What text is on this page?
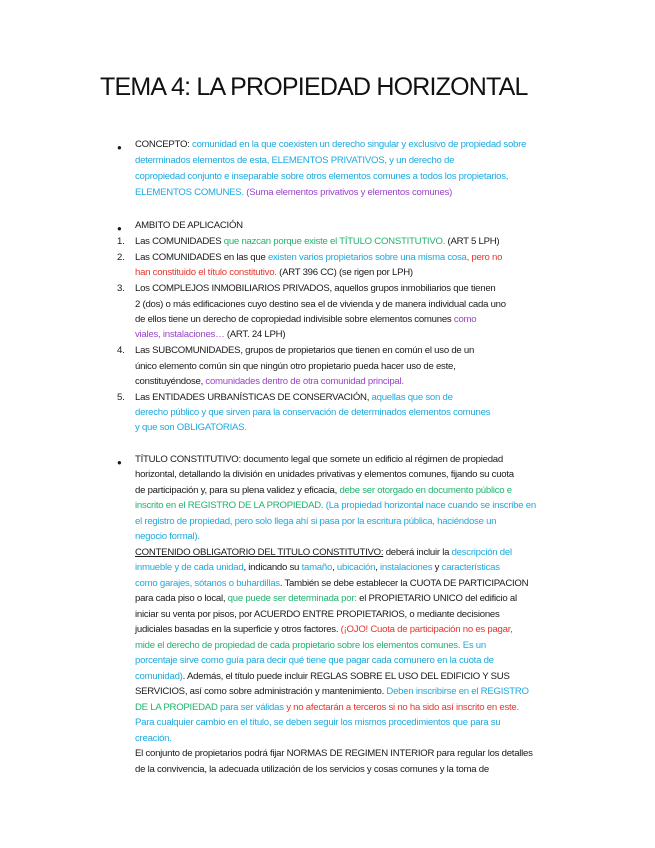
TEMA 4: LA PROPIEDAD HORIZONTAL
● CONCEPTO: comunidad en la que coexisten un derecho singular y exclusivo de propiedad sobre
determinados elementos de esta, ELEMENTOS PRIVATIVOS, y un derecho de
copropiedad conjunto e inseparable sobre otros elementos comunes a todos los propietarios,
ELEMENTOS COMUNES. (Suma elementos privativos y elementos comunes)
● AMBITO DE APLICACIÓN
1. Las COMUNIDADES que nazcan porque existe el TÍTULO CONSTITUTIVO. (ART 5 LPH)
2. Las COMUNIDADES en las que existen varios propietarios sobre una misma cosa, pero no
han constituido el título constitutivo. (ART 396 CC) (se rigen por LPH)
3. Los COMPLEJOS INMOBILIARIOS PRIVADOS, aquellos grupos inmobiliarios que tienen
2 (dos) o más edificaciones cuyo destino sea el de vivienda y de manera individual cada uno
de ellos tiene un derecho de copropiedad indivisible sobre elementos comunes como
viales, instalaciones… (ART. 24 LPH)
4. Las SUBCOMUNIDADES, grupos de propietarios que tienen en común el uso de un
único elemento común sin que ningún otro propietario pueda hacer uso de este,
constituyéndose, comunidades dentro de otra comunidad principal.
5. Las ENTIDADES URBANÍSTICAS DE CONSERVACIÓN, aquellas que son de
derecho público y que sirven para la conservación de determinados elementos comunes
y que son OBLIGATORIAS.
● TÍTULO CONSTITUTIVO: documento legal que somete un edificio al régimen de propiedad
horizontal, detallando la división en unidades privativas y elementos comunes, fijando su cuota
de participación y, para su plena validez y eficacia, debe ser otorgado en documento público e
inscrito en el REGISTRO DE LA PROPIEDAD. (La propiedad horizontal nace cuando se inscribe en
el registro de propiedad, pero solo llega ahí si pasa por la escritura pública, haciéndose un
negocio formal).
CONTENIDO OBLIGATORIO DEL TITULO CONSTITUTIVO: deberá incluir la descripción del
inmueble y de cada unidad, indicando su tamaño, ubicación, instalaciones y características
como garajes, sótanos o buhardillas. También se debe establecer la CUOTA DE PARTICIPACION
para cada piso o local, que puede ser determinada por: el PROPIETARIO UNICO del edificio al
iniciar su venta por pisos, por ACUERDO ENTRE PROPIETARIOS, o mediante decisiones
judiciales basadas en la superficie y otros factores. (¡OJO! Cuota de participación no es pagar,
mide el derecho de propiedad de cada propietario sobre los elementos comunes. Es un
porcentaje sirve como guía para decir qué tiene que pagar cada comunero en la cuota de
comunidad). Además, el título puede incluir REGLAS SOBRE EL USO DEL EDIFICIO Y SUS
SERVICIOS, así como sobre administración y mantenimiento. Deben inscribirse en el REGISTRO
DE LA PROPIEDAD para ser válidas y no afectarán a terceros si no ha sido así inscrito en este.
Para cualquier cambio en el título, se deben seguir los mismos procedimientos que para su
creación.
El conjunto de propietarios podrá fijar NORMAS DE REGIMEN INTERIOR para regular los detalles
de la convivencia, la adecuada utilización de los servicios y cosas comunes y la toma de
